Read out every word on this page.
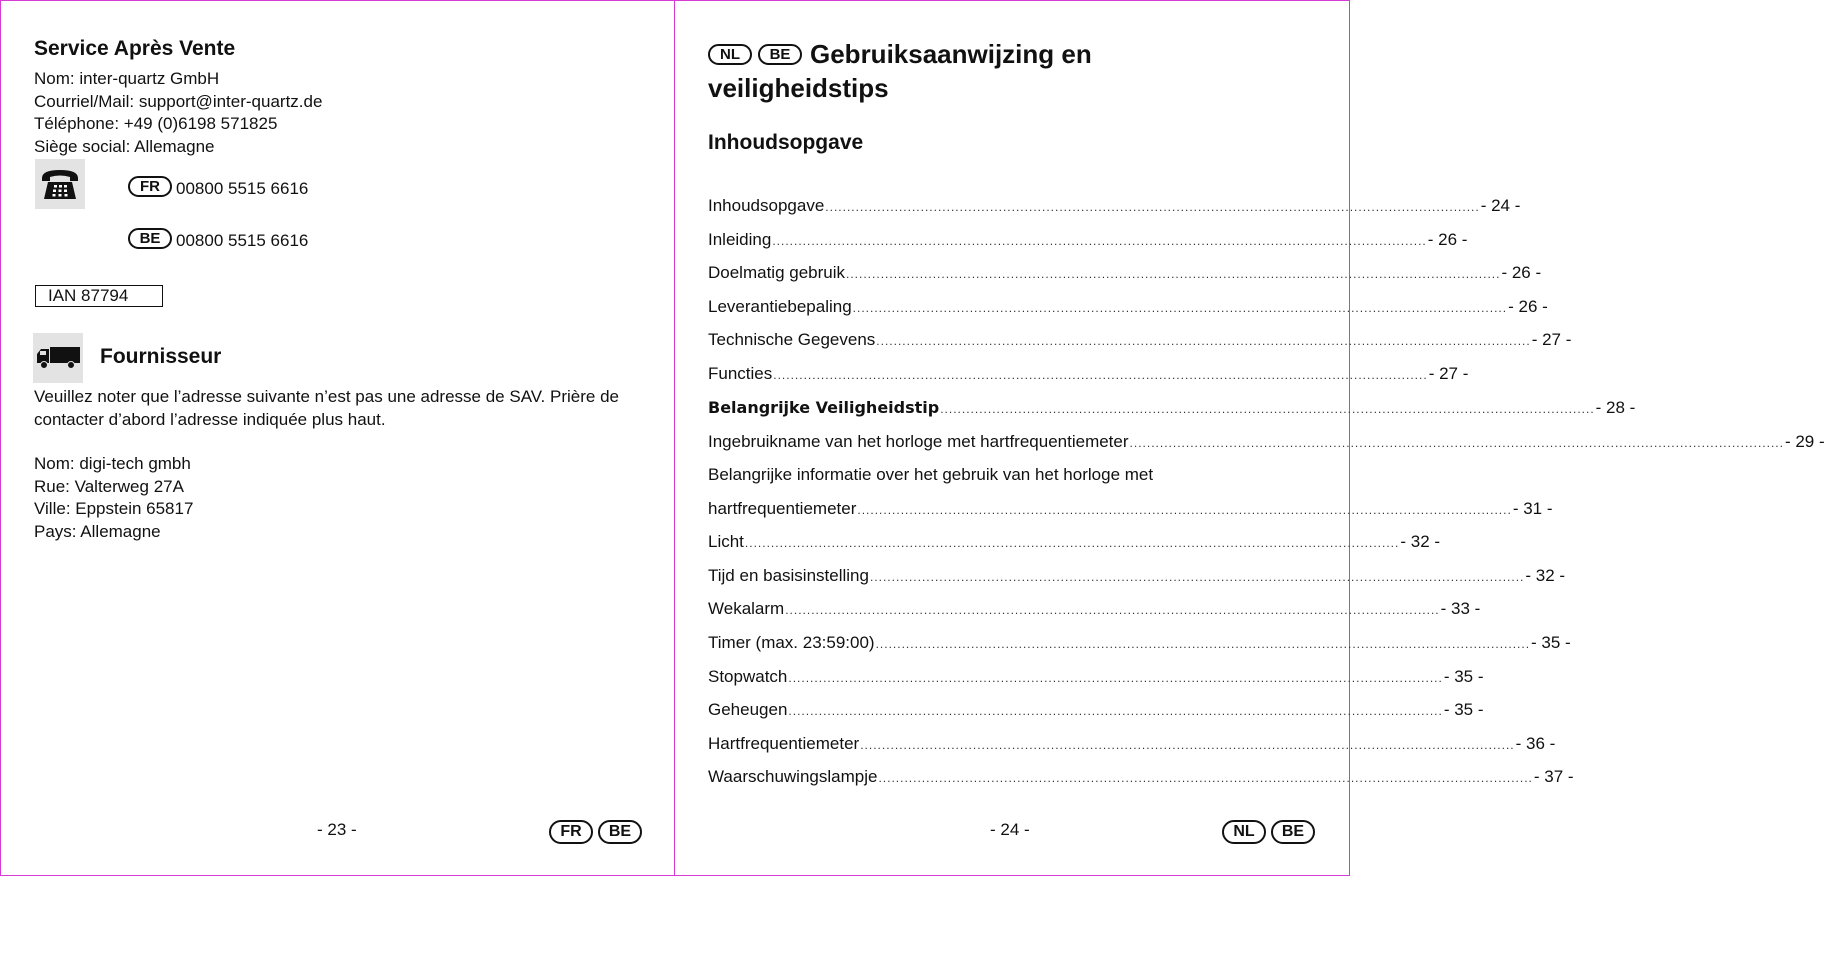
Service Après Vente
Nom: inter-quartz GmbH
Courriel/Mail: support@inter-quartz.de
Téléphone: +49 (0)6198 571825
Siège social: Allemagne
FR 00800 5515 6616
BE 00800 5515 6616
IAN 87794
Fournisseur
Veuillez noter que l’adresse suivante n’est pas une adresse de SAV. Prière de
contacter d’abord l’adresse indiquée plus haut.
Nom: digi-tech gmbh
Rue: Valterweg 27A
Ville: Eppstein 65817
Pays: Allemagne
- 23 -	FR	BE
NL	BE Gebruiksaanwijzing en
veiligheidstips
Inhoudsopgave
Inhoudsopgave ....................................................................................................................................................... - 24 -
Inleiding ....................................................................................................................................................... - 26 -
Doelmatig gebruik ....................................................................................................................................................... - 26 -
Leverantiebepaling ....................................................................................................................................................... - 26 -
Technische Gegevens ....................................................................................................................................................... - 27 -
Functies ....................................................................................................................................................... - 27 -
Belangrijke Veiligheidstip ....................................................................................................................................................... - 28 -
Ingebruikname van het horloge met hartfrequentiemeter ....................................................................................................................................................... - 29 -
Belangrijke informatie over het gebruik van het horloge met
hartfrequentiemeter ....................................................................................................................................................... - 31 -
Licht ....................................................................................................................................................... - 32 -
Tijd en basisinstelling ....................................................................................................................................................... - 32 -
Wekalarm ....................................................................................................................................................... - 33 -
Timer (max. 23:59:00) ....................................................................................................................................................... - 35 -
Stopwatch ....................................................................................................................................................... - 35 -
Geheugen ....................................................................................................................................................... - 35 -
Hartfrequentiemeter ....................................................................................................................................................... - 36 -
Waarschuwingslampje ....................................................................................................................................................... - 37 -
- 24 -	NL	BE
